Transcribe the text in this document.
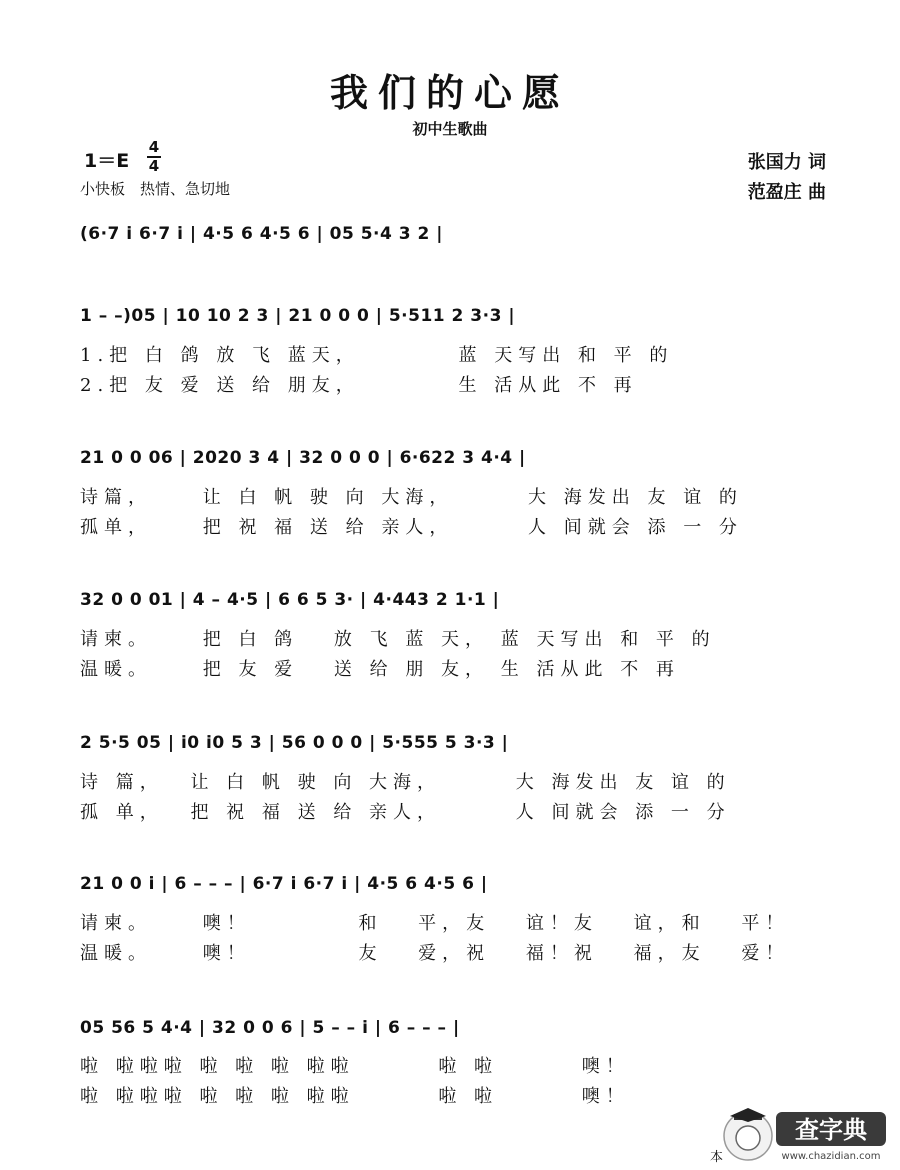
我们的心愿
初中生歌曲
1＝E
4
4
小快板　热情、急切地
张国力 词
范盈庄 曲
(6·7 i̇ 6·7 i̇ | 4·5 6 4·5 6 | 05 5·4 3 2 |
1 – –)05 | 10 10 2 3 | 21 0 0 0 | 5·511 2 3·3 |
1.把 白 鸽 放 飞 蓝天，　　　　 蓝 天写出 和 平 的
2.把 友 爱 送 给 朋友，　　　　 生 活从此 不 再
21 0 0 06 | 2020 3 4 | 32 0 0 0 | 6·622 3 4·4 |
诗篇，　　 让 白 帆 驶 向 大海，　　　 大 海发出 友 谊 的
孤单，　　 把 祝 福 送 给 亲人，　　　 人 间就会 添 一 分
32 0 0 01 | 4 – 4·5 | 6 6 5 3· | 4·443 2 1·1 |
请柬。　　 把 白 鸽　 放 飞 蓝 天， 蓝 天写出 和 平 的
温暖。　　 把 友 爱　 送 给 朋 友， 生 活从此 不 再
2 5·5 05 | i̇0 i̇0 5 3 | 56 0 0 0 | 5·555 5 3·3 |
诗 篇，　 让 白 帆 驶 向 大海，　　　 大 海发出 友 谊 的
孤 单，　 把 祝 福 送 给 亲人，　　　 人 间就会 添 一 分
21 0 0 i̇ | 6 – – – | 6·7 i̇ 6·7 i̇ | 4·5 6 4·5 6 |
请柬。　　 噢！　　　　 和　 平，友　 谊！友　 谊，和　 平！
温暖。　　 噢！　　　　 友　 爱，祝　 福！祝　 福，友　 爱！
05 56 5 4·4 | 32 0 0 6 | 5 – – i̇ | 6 – – – |
啦 啦啦啦 啦 啦 啦 啦啦　　　 啦 啦　　　 噢！
啦 啦啦啦 啦 啦 啦 啦啦　　　 啦 啦　　　 噢！
本
查字典
www.chazidian.com
